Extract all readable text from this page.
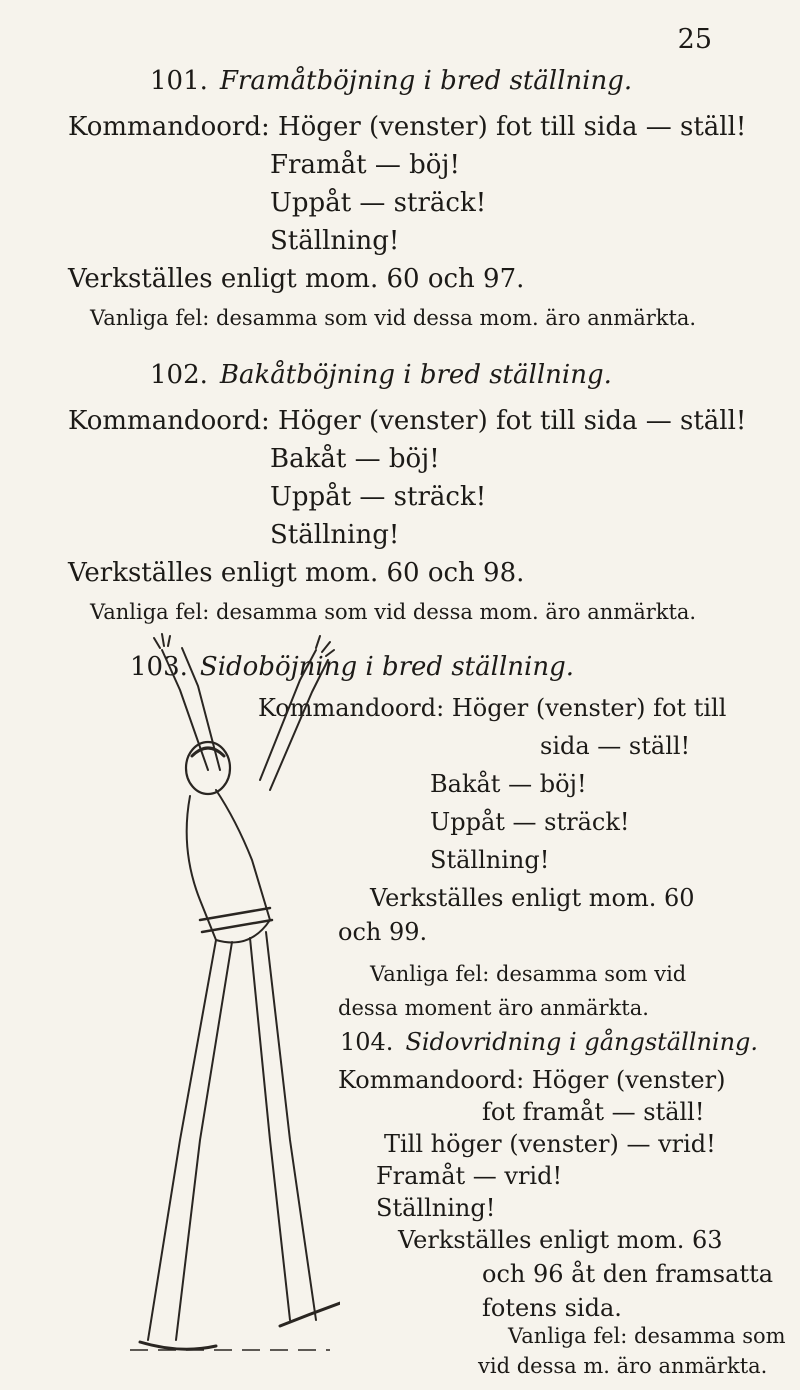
25
101. Framåtböjning i bred ställning.
Kommandoord: Höger (venster) fot till sida — ställ!
Framåt — böj!
Uppåt — sträck!
Ställning!
Verkställes enligt mom. 60 och 97.
Vanliga fel: desamma som vid dessa mom. äro anmärkta.
102. Bakåtböjning i bred ställning.
Kommandoord: Höger (venster) fot till sida — ställ!
Bakåt — böj!
Uppåt — sträck!
Ställning!
Verkställes enligt mom. 60 och 98.
Vanliga fel: desamma som vid dessa mom. äro anmärkta.
103. Sidoböjning i bred ställning.
Kommandoord: Höger (venster) fot till
sida — ställ!
Bakåt — böj!
Uppåt — sträck!
Ställning!
Verkställes enligt mom. 60
och 99.
Vanliga fel: desamma som vid
dessa moment äro anmärkta.
104. Sidovridning i gångställning.
Kommandoord: Höger (venster)
fot framåt — ställ!
Till höger (venster) — vrid!
Framåt — vrid!
Ställning!
Verkställes enligt mom. 63
och 96 åt den framsatta
fotens sida.
Vanliga fel: desamma som
vid dessa m. äro anmärkta.
